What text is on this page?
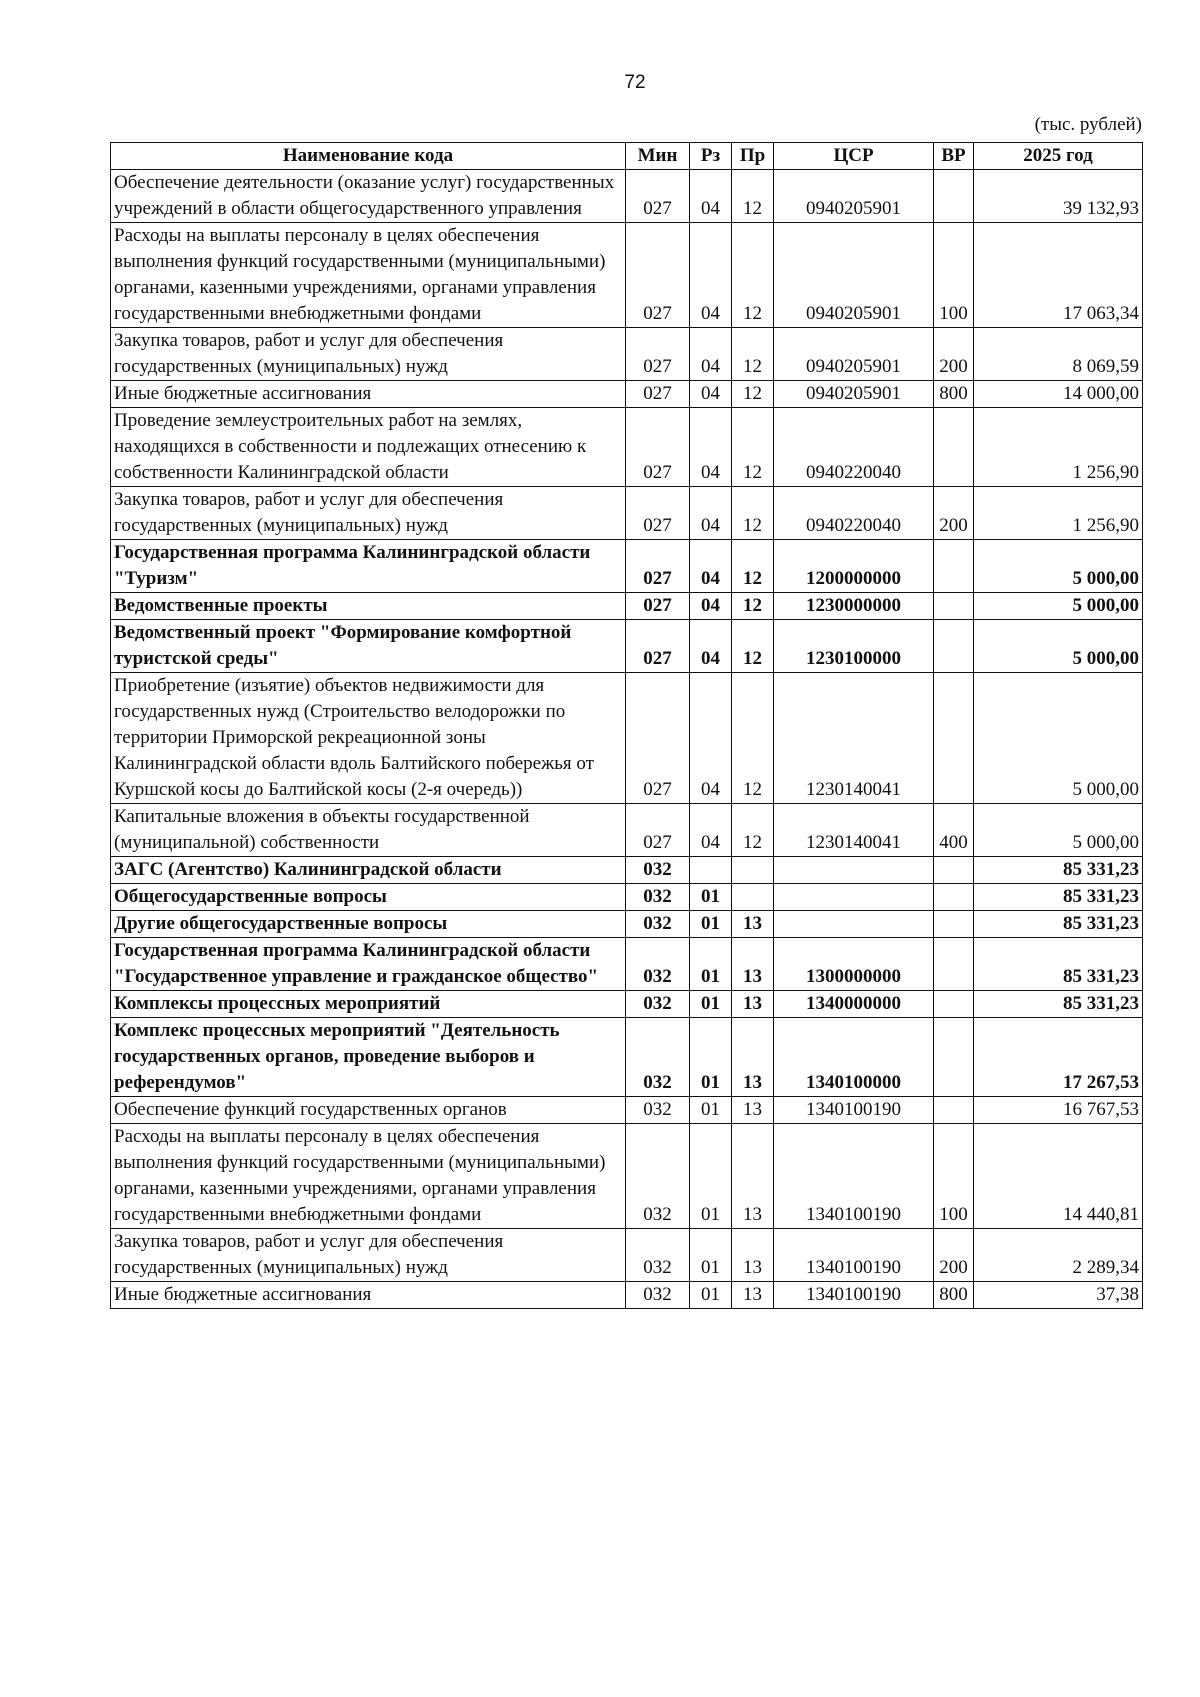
72
(тыс. рублей)
Наименование кода	Мин	Рз	Пр	ЦСР	ВР	2025 год
Обеспечение деятельности (оказание услуг) государственных учреждений в области общегосударственного управления	027	04	12	0940205901		39 132,93
Расходы на выплаты персоналу в целях обеспечения выполнения функций государственными (муниципальными) органами, казенными учреждениями, органами управления государственными внебюджетными фондами	027	04	12	0940205901	100	17 063,34
Закупка товаров, работ и услуг для обеспечения государственных (муниципальных) нужд	027	04	12	0940205901	200	8 069,59
Иные бюджетные ассигнования	027	04	12	0940205901	800	14 000,00
Проведение землеустроительных работ на землях, находящихся в собственности и подлежащих отнесению к собственности Калининградской области	027	04	12	0940220040		1 256,90
Закупка товаров, работ и услуг для обеспечения государственных (муниципальных) нужд	027	04	12	0940220040	200	1 256,90
Государственная программа Калининградской области "Туризм"	027	04	12	1200000000		5 000,00
Ведомственные проекты	027	04	12	1230000000		5 000,00
Ведомственный проект "Формирование комфортной туристской среды"	027	04	12	1230100000		5 000,00
Приобретение (изъятие) объектов недвижимости для государственных нужд (Строительство велодорожки по территории Приморской рекреационной зоны Калининградской области вдоль Балтийского побережья от Куршской косы до Балтийской косы (2-я очередь))	027	04	12	1230140041		5 000,00
Капитальные вложения в объекты государственной (муниципальной) собственности	027	04	12	1230140041	400	5 000,00
ЗАГС (Агентство) Калининградской области	032					85 331,23
Общегосударственные вопросы	032	01				85 331,23
Другие общегосударственные вопросы	032	01	13			85 331,23
Государственная программа Калининградской области "Государственное управление и гражданское общество"	032	01	13	1300000000		85 331,23
Комплексы процессных мероприятий	032	01	13	1340000000		85 331,23
Комплекс процессных мероприятий "Деятельность государственных органов, проведение выборов и референдумов"	032	01	13	1340100000		17 267,53
Обеспечение функций государственных органов	032	01	13	1340100190		16 767,53
Расходы на выплаты персоналу в целях обеспечения выполнения функций государственными (муниципальными) органами, казенными учреждениями, органами управления государственными внебюджетными фондами	032	01	13	1340100190	100	14 440,81
Закупка товаров, работ и услуг для обеспечения государственных (муниципальных) нужд	032	01	13	1340100190	200	2 289,34
Иные бюджетные ассигнования	032	01	13	1340100190	800	37,38
